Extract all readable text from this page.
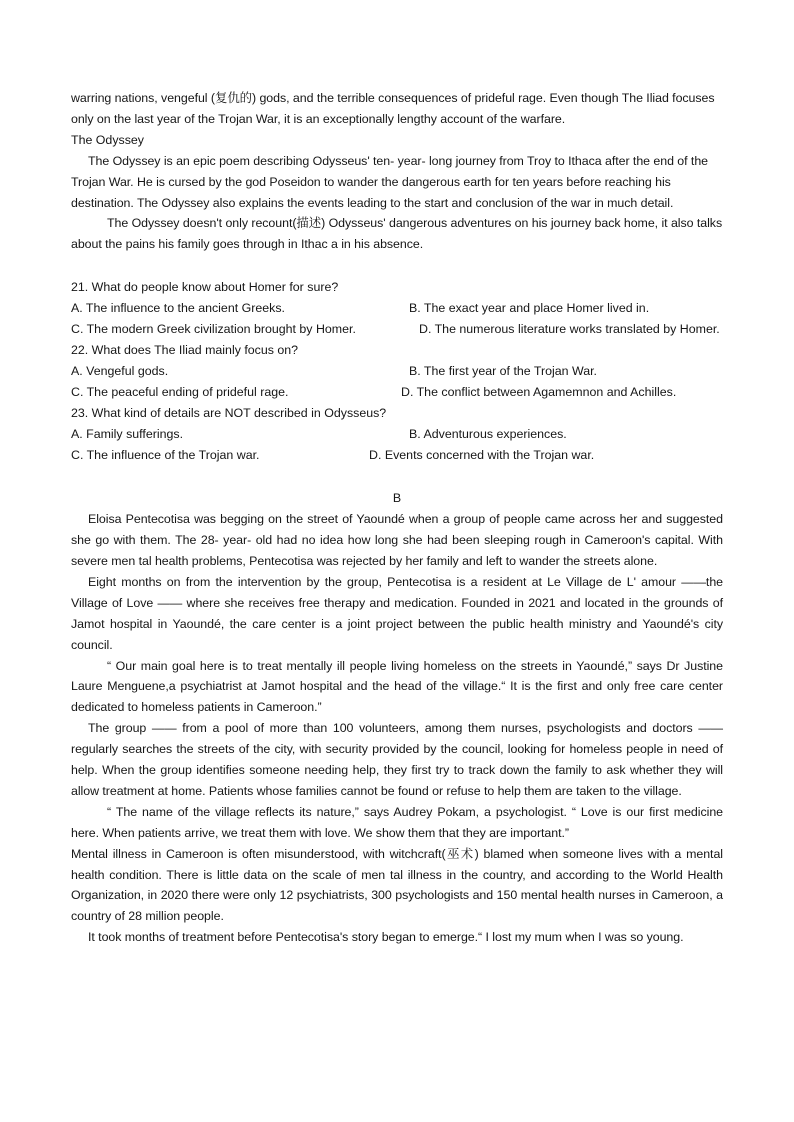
warring nations, vengeful (复仇的) gods, and the terrible consequences of prideful rage. Even though The Iliad focuses only on the last year of the Trojan War, it is an exceptionally lengthy account of the warfare.

The Odyssey

The Odyssey is an epic poem describing Odysseus' ten- year- long journey from Troy to Ithaca after the end of the Trojan War. He is cursed by the god Poseidon to wander the dangerous earth for ten years before reaching his destination. The Odyssey also explains the events leading to the start and conclusion of the war in much detail.

The Odyssey doesn't only recount(描述) Odysseus' dangerous adventures on his journey back home, it also talks about the pains his family goes through in Ithac a in his absence.

21. What do people know about Homer for sure?
A. The influence to the ancient Greeks.	B. The exact year and place Homer lived in.
C. The modern Greek civilization brought by Homer.	D. The numerous literature works translated by Homer.
22. What does The Iliad mainly focus on?
A. Vengeful gods.	B. The first year of the Trojan War.
C. The peaceful ending of prideful rage.	D. The conflict between Agamemnon and Achilles.
23. What kind of details are NOT described in Odysseus?
A. Family sufferings.	B. Adventurous experiences.
C. The influence of the Trojan war.	D. Events concerned with the Trojan war.
B

Eloisa Pentecotisa was begging on the street of Yaoundé when a group of people came across her and suggested she go with them. The 28- year- old had no idea how long she had been sleeping rough in Cameroon's capital. With severe men tal health problems, Pentecotisa was rejected by her family and left to wander the streets alone.

Eight months on from the intervention by the group, Pentecotisa is a resident at Le Village de L' amour ——the Village of Love —— where she receives free therapy and medication. Founded in 2021 and located in the grounds of Jamot hospital in Yaoundé, the care center is a joint project between the public health ministry and Yaoundé's city council.

“ Our main goal here is to treat mentally ill people living homeless on the streets in Yaoundé,” says Dr Justine Laure Menguene,a psychiatrist at Jamot hospital and the head of the village.“ It is the first and only free care center dedicated to homeless patients in Cameroon.”

The group —— from a pool of more than 100 volunteers, among them nurses, psychologists and doctors —— regularly searches the streets of the city, with security provided by the council, looking for homeless people in need of help. When the group identifies someone needing help, they first try to track down the family to ask whether they will allow treatment at home. Patients whose families cannot be found or refuse to help them are taken to the village.

“ The name of the village reflects its nature,” says Audrey Pokam, a psychologist. “ Love is our first medicine here. When patients arrive, we treat them with love. We show them that they are important.”

Mental illness in Cameroon is often misunderstood, with witchcraft(巫术) blamed when someone lives with a mental health condition. There is little data on the scale of men tal illness in the country, and according to the World Health Organization, in 2020 there were only 12 psychiatrists, 300 psychologists and 150 mental health nurses in Cameroon, a country of 28 million people.

It took months of treatment before Pentecotisa's story began to emerge.“ I lost my mum when I was so young.
